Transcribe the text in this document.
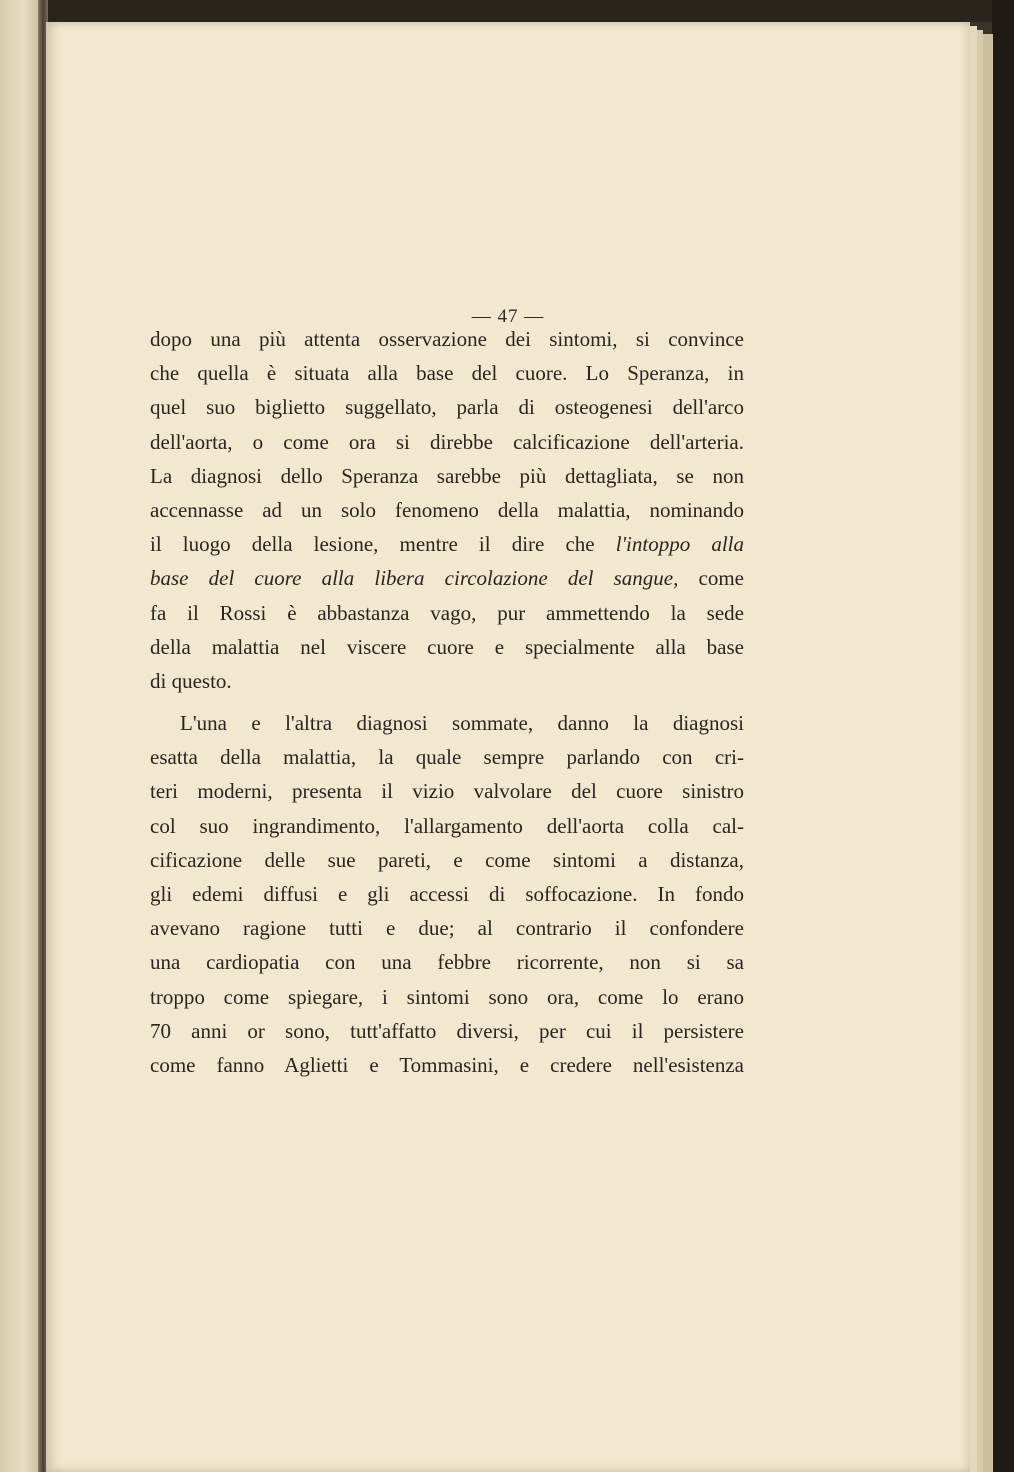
— 47 —
dopo una più attenta osservazione dei sintomi, si convince
che quella è situata alla base del cuore. Lo Speranza, in
quel suo biglietto suggellato, parla di osteogenesi dell'arco
dell'aorta, o come ora si direbbe calcificazione dell'arteria.
La diagnosi dello Speranza sarebbe più dettagliata, se non
accennasse ad un solo fenomeno della malattia, nominando
il luogo della lesione, mentre il dire che l'intoppo alla
base del cuore alla libera circolazione del sangue, come
fa il Rossi è abbastanza vago, pur ammettendo la sede
della malattia nel viscere cuore e specialmente alla base
di questo.
L'una e l'altra diagnosi sommate, danno la diagnosi
esatta della malattia, la quale sempre parlando con cri-
teri moderni, presenta il vizio valvolare del cuore sinistro
col suo ingrandimento, l'allargamento dell'aorta colla cal-
cificazione delle sue pareti, e come sintomi a distanza,
gli edemi diffusi e gli accessi di soffocazione. In fondo
avevano ragione tutti e due; al contrario il confondere
una cardiopatia con una febbre ricorrente, non si sa
troppo come spiegare, i sintomi sono ora, come lo erano
70 anni or sono, tutt'affatto diversi, per cui il persistere
come fanno Aglietti e Tommasini, e credere nell'esistenza
